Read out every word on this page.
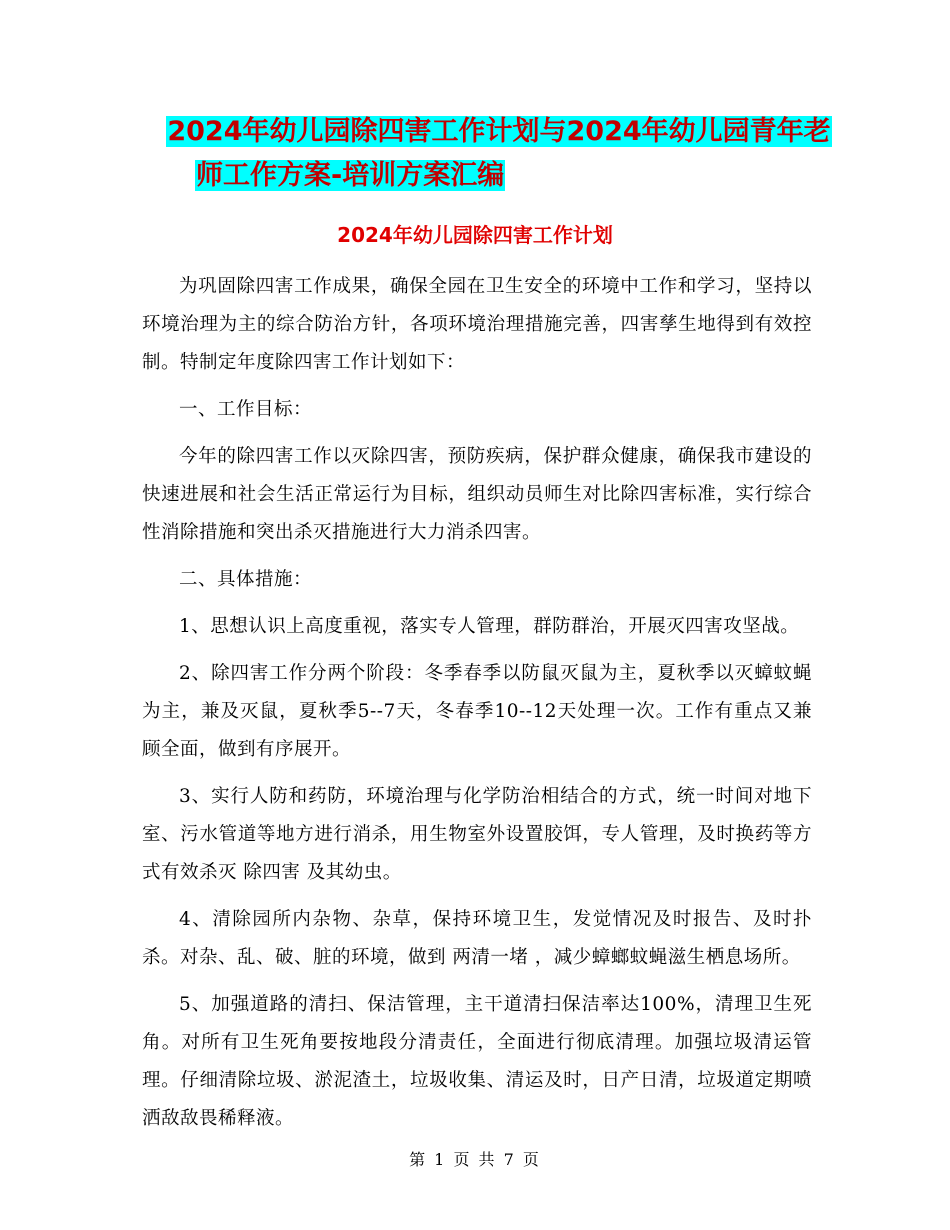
2024年幼儿园除四害工作计划与2024年幼儿园青年老
师工作方案-培训方案汇编
2024年幼儿园除四害工作计划

为巩固除四害工作成果，确保全园在卫生安全的环境中工作和学习，坚持以环境治理为主的综合防治方针，各项环境治理措施完善，四害孳生地得到有效控制。特制定年度除四害工作计划如下：

一、工作目标：

今年的除四害工作以灭除四害，预防疾病，保护群众健康，确保我市建设的快速进展和社会生活正常运行为目标，组织动员师生对比除四害标准，实行综合性消除措施和突出杀灭措施进行大力消杀四害。

二、具体措施：

1、思想认识上高度重视，落实专人管理，群防群治，开展灭四害攻坚战。

2、除四害工作分两个阶段：冬季春季以防鼠灭鼠为主，夏秋季以灭蟑蚊蝇为主，兼及灭鼠，夏秋季5--7天，冬春季10--12天处理一次。工作有重点又兼顾全面，做到有序展开。

3、实行人防和药防，环境治理与化学防治相结合的方式，统一时间对地下室、污水管道等地方进行消杀，用生物室外设置胶饵，专人管理，及时换药等方式有效杀灭 除四害 及其幼虫。

4、清除园所内杂物、杂草，保持环境卫生，发觉情况及时报告、及时扑杀。对杂、乱、破、脏的环境，做到 两清一堵 ，减少蟑螂蚊蝇滋生栖息场所。

5、加强道路的清扫、保洁管理，主干道清扫保洁率达100%，清理卫生死角。对所有卫生死角要按地段分清责任，全面进行彻底清理。加强垃圾清运管理。仔细清除垃圾、淤泥渣土，垃圾收集、清运及时，日产日清，垃圾道定期喷洒敌敌畏稀释液。

第 1 页 共 7 页
